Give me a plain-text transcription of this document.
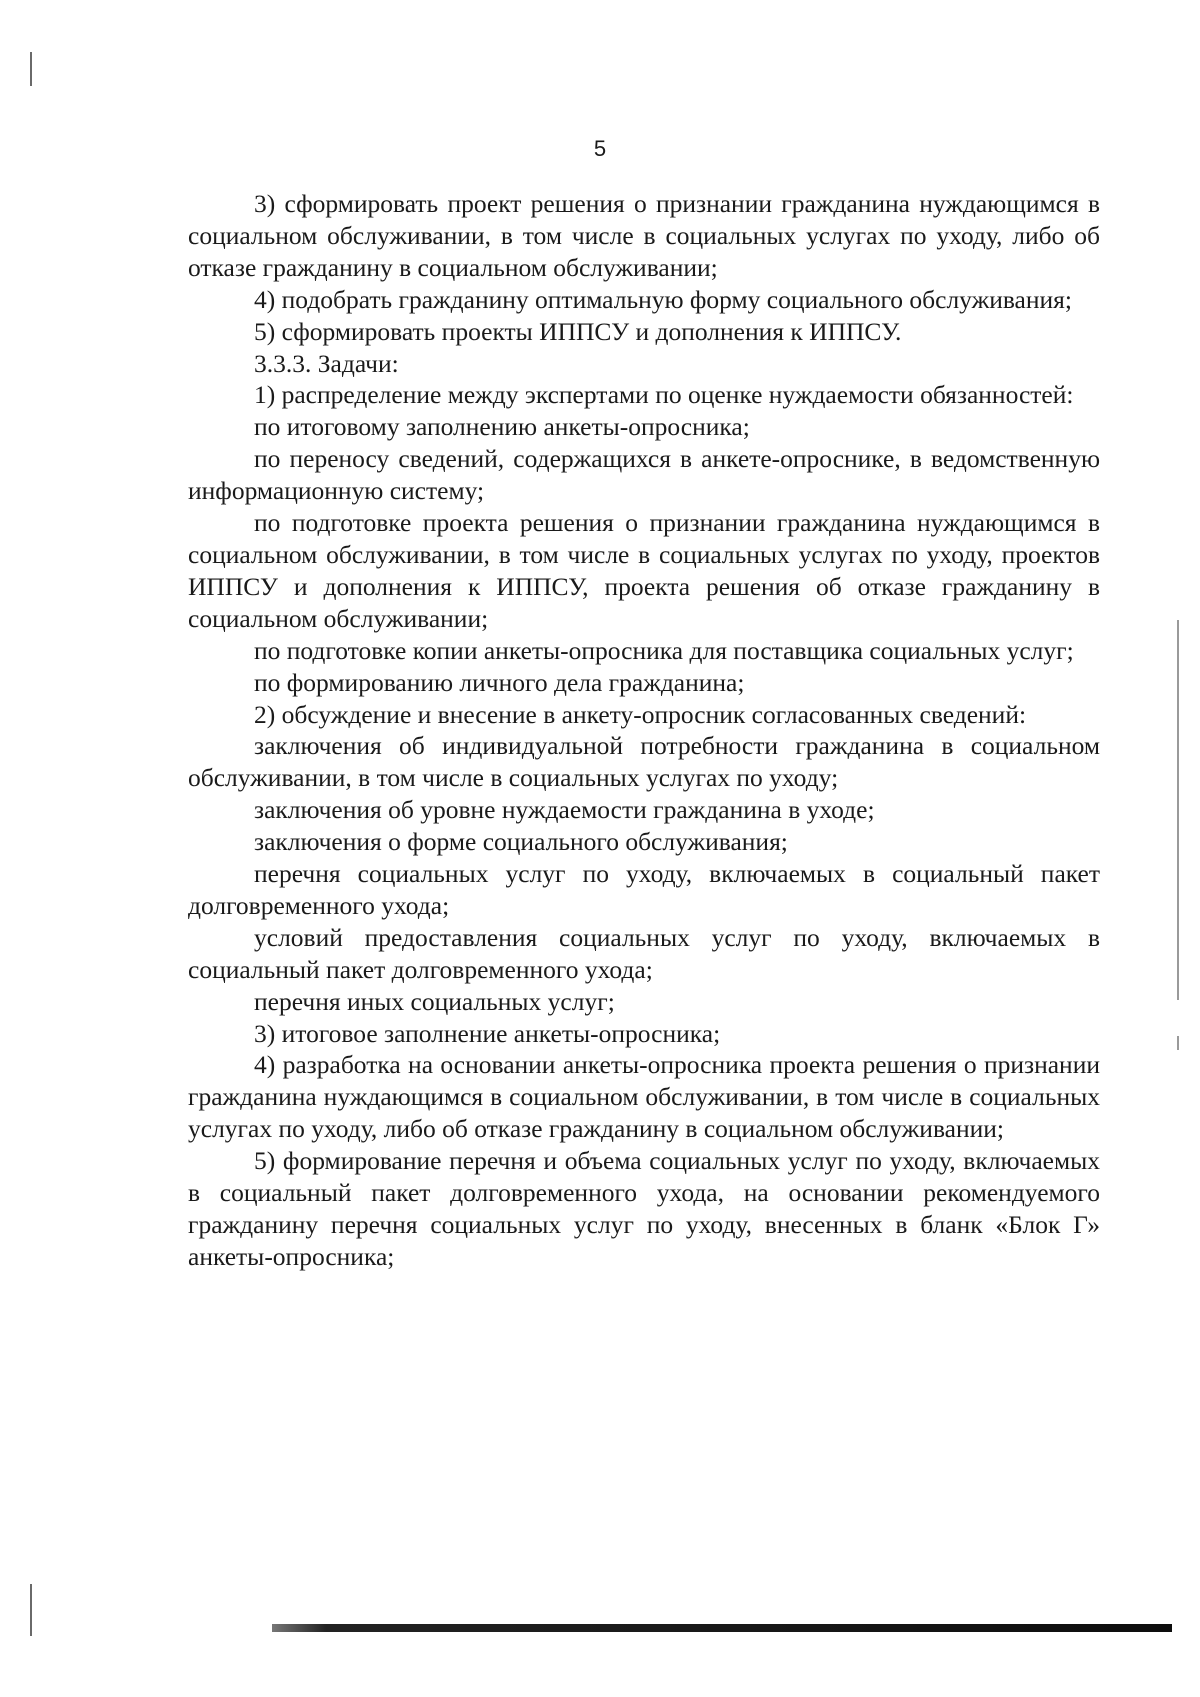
5

3) сформировать проект решения о признании гражданина нуждающимся в социальном обслуживании, в том числе в социальных услугах по уходу, либо об отказе гражданину в социальном обслуживании;

4) подобрать гражданину оптимальную форму социального обслуживания;

5) сформировать проекты ИППСУ и дополнения к ИППСУ.

3.3.3. Задачи:

1) распределение между экспертами по оценке нуждаемости обязанностей:

по итоговому заполнению анкеты-опросника;

по переносу сведений, содержащихся в анкете-опроснике, в ведомственную информационную систему;

по подготовке проекта решения о признании гражданина нуждающимся в социальном обслуживании, в том числе в социальных услугах по уходу, проектов ИППСУ и дополнения к ИППСУ, проекта решения об отказе гражданину в социальном обслуживании;

по подготовке копии анкеты-опросника для поставщика социальных услуг;

по формированию личного дела гражданина;

2) обсуждение и внесение в анкету-опросник согласованных сведений:

заключения об индивидуальной потребности гражданина в социальном обслуживании, в том числе в социальных услугах по уходу;

заключения об уровне нуждаемости гражданина в уходе;

заключения о форме социального обслуживания;

перечня социальных услуг по уходу, включаемых в социальный пакет долговременного ухода;

условий предоставления социальных услуг по уходу, включаемых в социальный пакет долговременного ухода;

перечня иных социальных услуг;

3) итоговое заполнение анкеты-опросника;

4) разработка на основании анкеты-опросника проекта решения о признании гражданина нуждающимся в социальном обслуживании, в том числе в социальных услугах по уходу, либо об отказе гражданину в социальном обслуживании;

5) формирование перечня и объема социальных услуг по уходу, включаемых в социальный пакет долговременного ухода, на основании рекомендуемого гражданину перечня социальных услуг по уходу, внесенных в бланк «Блок Г» анкеты-опросника;
